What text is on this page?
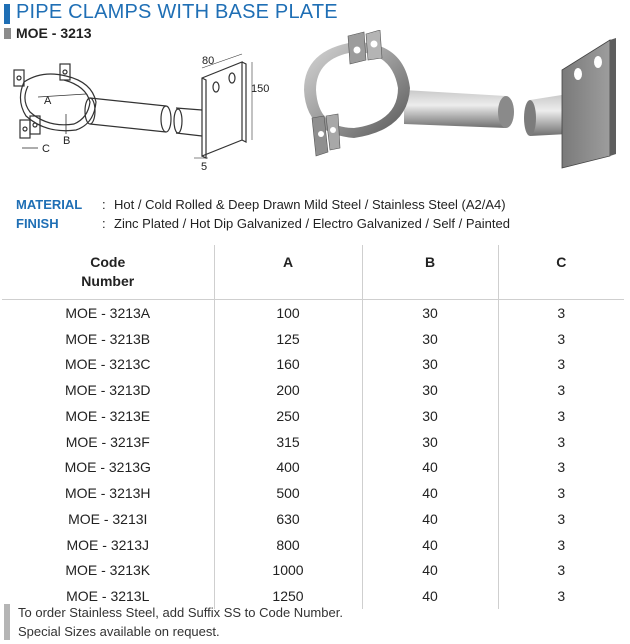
PIPE CLAMPS WITH BASE PLATE
MOE - 3213
A
B
C
80
150
5
MATERIAL : Hot / Cold Rolled & Deep Drawn Mild Steel / Stainless Steel (A2/A4)
FINISH	: Zinc Plated / Hot Dip Galvanized / Electro Galvanized / Self / Painted
Code
Number	A	B	C
MOE - 3213A	100	30	3
MOE - 3213B	125	30	3
MOE - 3213C	160	30	3
MOE - 3213D	200	30	3
MOE - 3213E	250	30	3
MOE - 3213F	315	30	3
MOE - 3213G	400	40	3
MOE - 3213H	500	40	3
MOE - 3213I	630	40	3
MOE - 3213J	800	40	3
MOE - 3213K	1000	40	3
MOE - 3213L	1250	40	3
To order Stainless Steel, add Suffix SS to Code Number.
Special Sizes available on request.
